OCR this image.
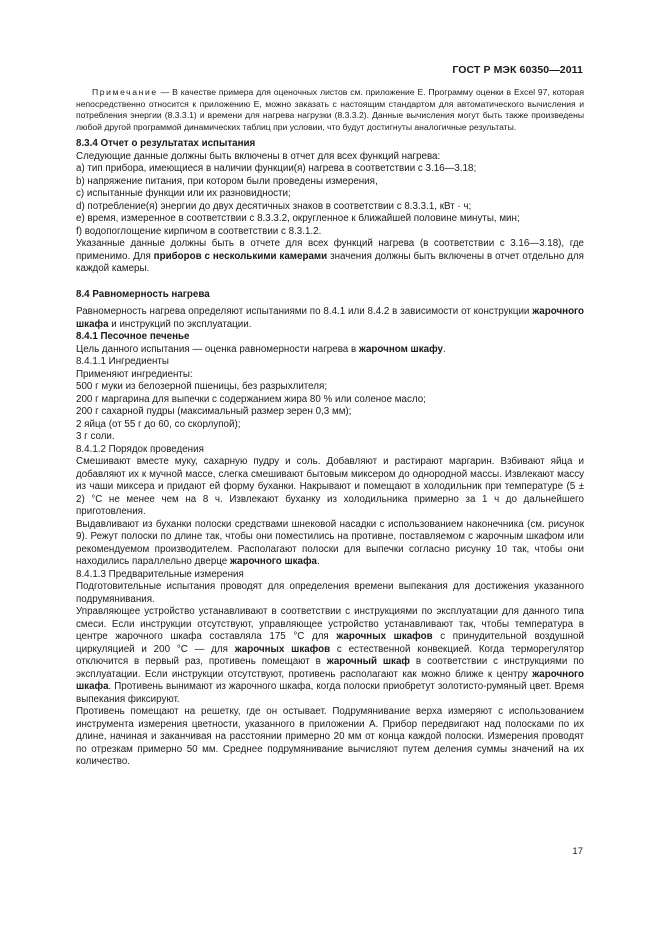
ГОСТ Р МЭК 60350—2011

Примечание — В качестве примера для оценочных листов см. приложение Е. Программу оценки в Excel 97, которая непосредственно относится к приложению Е, можно заказать с настоящим стандартом для автоматического вычисления и потребления энергии (8.3.3.1) и времени для нагрева нагрузки (8.3.3.2). Данные вычисления могут быть также произведены любой другой программой динамических таблиц при условии, что будут достигнуты аналогичные результаты.

8.3.4 Отчет о результатах испытания

Следующие данные должны быть включены в отчет для всех функций нагрева:

a) тип прибора, имеющиеся в наличии функции(я) нагрева в соответствии с 3.16—3.18;

b) напряжение питания, при котором были проведены измерения,

c) испытанные функции или их разновидности;

d) потребление(я) энергии до двух десятичных знаков в соответствии с 8.3.3.1, кВт · ч;

e) время, измеренное в соответствии с 8.3.3.2, округленное к ближайшей половине минуты, мин;

f) водопоглощение кирпичом в соответствии с 8.3.1.2.

Указанные данные должны быть в отчете для всех функций нагрева (в соответствии с 3.16—3.18), где применимо. Для приборов с несколькими камерами значения должны быть включены в отчет отдельно для каждой камеры.

8.4 Равномерность нагрева

Равномерность нагрева определяют испытаниями по 8.4.1 или 8.4.2 в зависимости от конструкции жарочного шкафа и инструкций по эксплуатации.

8.4.1 Песочное печенье

Цель данного испытания — оценка равномерности нагрева в жарочном шкафу.

8.4.1.1 Ингредиенты

Применяют ингредиенты:

500 г муки из белозерной пшеницы, без разрыхлителя;

200 г маргарина для выпечки с содержанием жира 80 % или соленое масло;

200 г сахарной пудры (максимальный размер зерен 0,3 мм);

2 яйца (от 55 г до 60, со скорлупой);

3 г соли.

8.4.1.2 Порядок проведения

Смешивают вместе муку, сахарную пудру и соль. Добавляют и растирают маргарин. Взбивают яйца и добавляют их к мучной массе, слегка смешивают бытовым миксером до однородной массы. Извлекают массу из чаши миксера и придают ей форму буханки. Накрывают и помещают в холодильник при температуре (5 ± 2) °С не менее чем на 8 ч. Извлекают буханку из холодильника примерно за 1 ч до дальнейшего приготовления.

Выдавливают из буханки полоски средствами шнековой насадки с использованием наконечника (см. рисунок 9). Режут полоски по длине так, чтобы они поместились на противне, поставляемом с жарочным шкафом или рекомендуемом производителем. Располагают полоски для выпечки согласно рисунку 10 так, чтобы они находились параллельно дверце жарочного шкафа.

8.4.1.3 Предварительные измерения

Подготовительные испытания проводят для определения времени выпекания для достижения указанного подрумянивания.

Управляющее устройство устанавливают в соответствии с инструкциями по эксплуатации для данного типа смеси. Если инструкции отсутствуют, управляющее устройство устанавливают так, чтобы температура в центре жарочного шкафа составляла 175 °С для жарочных шкафов с принудительной воздушной циркуляцией и 200 °С — для жарочных шкафов с естественной конвекцией. Когда терморегулятор отключится в первый раз, противень помещают в жарочный шкаф в соответствии с инструкциями по эксплуатации. Если инструкции отсутствуют, противень располагают как можно ближе к центру жарочного шкафа. Противень вынимают из жарочного шкафа, когда полоски приобретут золотисто-румяный цвет. Время выпекания фиксируют.

Противень помещают на решетку, где он остывает. Подрумянивание верха измеряют с использованием инструмента измерения цветности, указанного в приложении А. Прибор передвигают над полосками по их длине, начиная и заканчивая на расстоянии примерно 20 мм от конца каждой полоски. Измерения проводят по отрезкам примерно 50 мм. Среднее подрумянивание вычисляют путем деления суммы значений на их количество.

17
